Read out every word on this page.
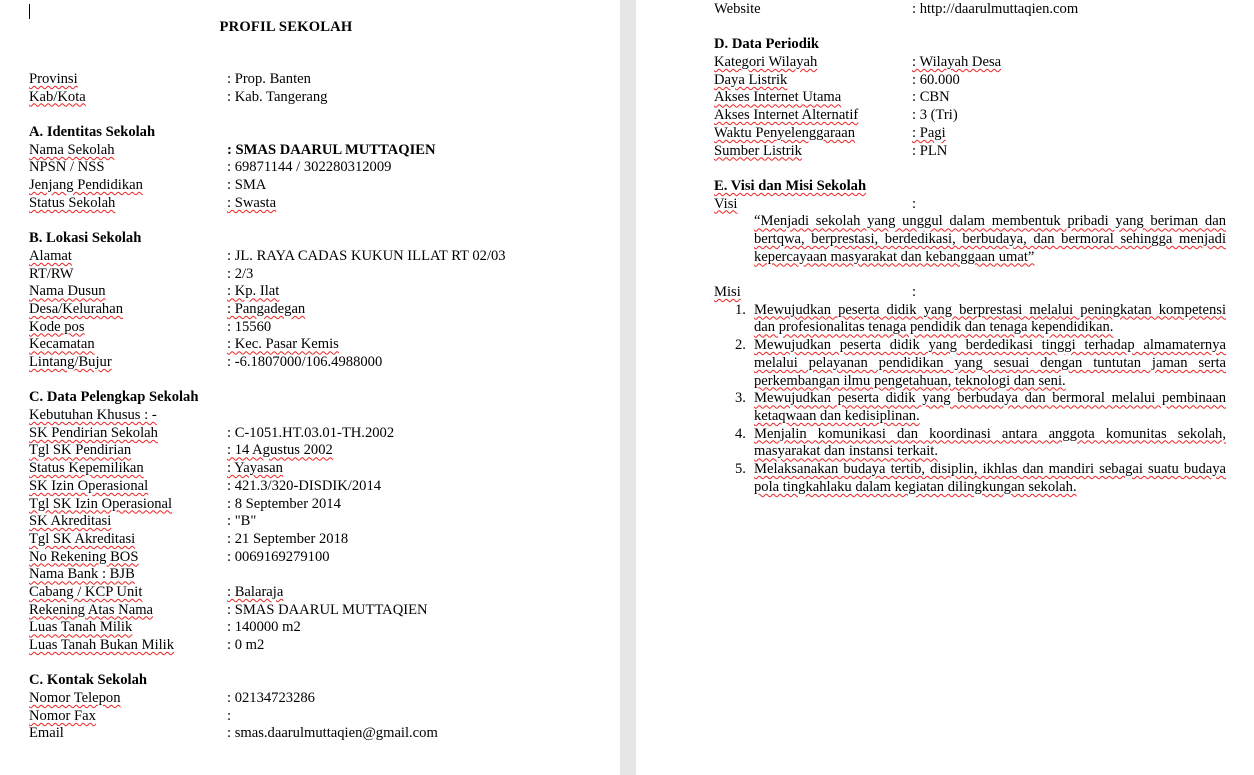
PROFIL SEKOLAH
Provinsi	: Prop. Banten
Kab/Kota	: Kab. Tangerang
A. Identitas Sekolah
Nama Sekolah	: SMAS DAARUL MUTTAQIEN
NPSN / NSS	: 69871144 / 302280312009
Jenjang Pendidikan	: SMA
Status Sekolah	: Swasta
B. Lokasi Sekolah
Alamat	: JL. RAYA CADAS KUKUN ILLAT RT 02/03
RT/RW	: 2/3
Nama Dusun	: Kp. Ilat
Desa/Kelurahan	: Pangadegan
Kode pos	: 15560
Kecamatan	: Kec. Pasar Kemis
Lintang/Bujur	: -6.1807000/106.4988000
C. Data Pelengkap Sekolah
Kebutuhan Khusus : -
SK Pendirian Sekolah	: C-1051.HT.03.01-TH.2002
Tgl SK Pendirian	: 14 Agustus 2002
Status Kepemilikan	: Yayasan
SK Izin Operasional	: 421.3/320-DISDIK/2014
Tgl SK Izin Operasional	: 8 September 2014
SK Akreditasi	: "B"
Tgl SK Akreditasi	: 21 September 2018
No Rekening BOS	: 0069169279100
Nama Bank : BJB
Cabang / KCP Unit	: Balaraja
Rekening Atas Nama	: SMAS DAARUL MUTTAQIEN
Luas Tanah Milik	: 140000 m2
Luas Tanah Bukan Milik	: 0 m2
C. Kontak Sekolah
Nomor Telepon	: 02134723286
Nomor Fax	:
Email	: smas.daarulmuttaqien@gmail.com
Website	: http://daarulmuttaqien.com
D. Data Periodik
Kategori Wilayah	: Wilayah Desa
Daya Listrik	: 60.000
Akses Internet Utama	: CBN
Akses Internet Alternatif	: 3 (Tri)
Waktu Penyelenggaraan	: Pagi
Sumber Listrik	: PLN
E. Visi dan Misi Sekolah
Visi	:
“Menjadi sekolah yang unggul dalam membentuk pribadi yang beriman dan bertqwa, berprestasi, berdedikasi, berbudaya, dan bermoral sehingga menjadi kepercayaan masyarakat dan kebanggaan umat”
Misi	:
1. Mewujudkan peserta didik yang berprestasi melalui peningkatan kompetensi dan profesionalitas tenaga pendidik dan tenaga kependidikan.
2. Mewujudkan peserta didik yang berdedikasi tinggi terhadap almamaternya melalui pelayanan pendidikan yang sesuai dengan tuntutan jaman serta perkembangan ilmu pengetahuan, teknologi dan seni.
3. Mewujudkan peserta didik yang berbudaya dan bermoral melalui pembinaan ketaqwaan dan kedisiplinan.
4. Menjalin komunikasi dan koordinasi antara anggota komunitas sekolah, masyarakat dan instansi terkait.
5. Melaksanakan budaya tertib, disiplin, ikhlas dan mandiri sebagai suatu budaya pola tingkahlaku dalam kegiatan dilingkungan sekolah.
